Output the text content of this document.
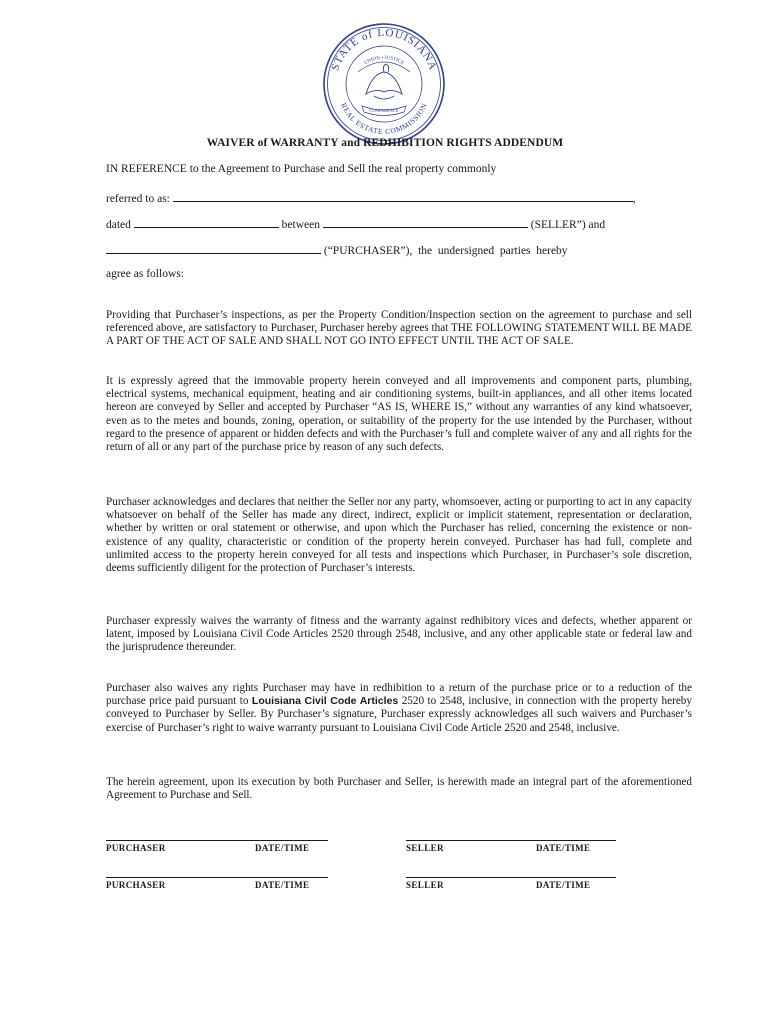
STATE of LOUISIANA
REAL ESTATE COMMISSION
UNION • JUSTICE
CONFIDENCE
WAIVER of WARRANTY and REDHIBITION RIGHTS ADDENDUM
IN REFERENCE to the Agreement to Purchase and Sell the real property commonly
referred to as:	,
dated	between	(SELLER”) and
(“PURCHASER”),  the  undersigned  parties  hereby
agree as follows:

Providing that Purchaser’s inspections, as per the Property Condition/Inspection section on the agreement to purchase and sell referenced above, are satisfactory to Purchaser, Purchaser hereby agrees that THE FOLLOWING STATEMENT WILL BE MADE A PART OF THE ACT OF SALE AND SHALL NOT GO INTO EFFECT UNTIL THE ACT OF SALE.

It is expressly agreed that the immovable property herein conveyed and all improvements and component parts, plumbing, electrical systems, mechanical equipment, heating and air conditioning systems, built-in appliances, and all other items located hereon are conveyed by Seller and accepted by Purchaser “AS IS, WHERE IS,” without any warranties of any kind whatsoever, even as to the metes and bounds, zoning, operation, or suitability of the property for the use intended by the Purchaser, without regard to the presence of apparent or hidden defects and with the Purchaser’s full and complete waiver of any and all rights for the return of all or any part of the purchase price by reason of any such defects.

Purchaser acknowledges and declares that neither the Seller nor any party, whomsoever, acting or purporting to act in any capacity whatsoever on behalf of the Seller has made any direct, indirect, explicit or implicit statement, representation or declaration, whether by written or oral statement or otherwise, and upon which the Purchaser has relied, concerning the existence or non-existence of any quality, characteristic or condition of the property herein conveyed. Purchaser has had full, complete and unlimited access to the property herein conveyed for all tests and inspections which Purchaser, in Purchaser’s sole discretion, deems sufficiently diligent for the protection of Purchaser’s interests.

Purchaser expressly waives the warranty of fitness and the warranty against redhibitory vices and defects, whether apparent or latent, imposed by Louisiana Civil Code Articles 2520 through 2548, inclusive, and any other applicable state or federal law and the jurisprudence thereunder.

Purchaser also waives any rights Purchaser may have in redhibition to a return of the purchase price or to a reduction of the purchase price paid pursuant to Louisiana Civil Code Articles 2520 to 2548, inclusive, in connection with the property hereby conveyed to Purchaser by Seller. By Purchaser’s signature, Purchaser expressly acknowledges all such waivers and Purchaser’s exercise of Purchaser’s right to waive warranty pursuant to Louisiana Civil Code Article 2520 and 2548, inclusive.

The herein agreement, upon its execution by both Purchaser and Seller, is herewith made an integral part of the aforementioned Agreement to Purchase and Sell.

PURCHASER	DATE/TIME	SELLER	DATE/TIME
PURCHASER	DATE/TIME	SELLER	DATE/TIME
